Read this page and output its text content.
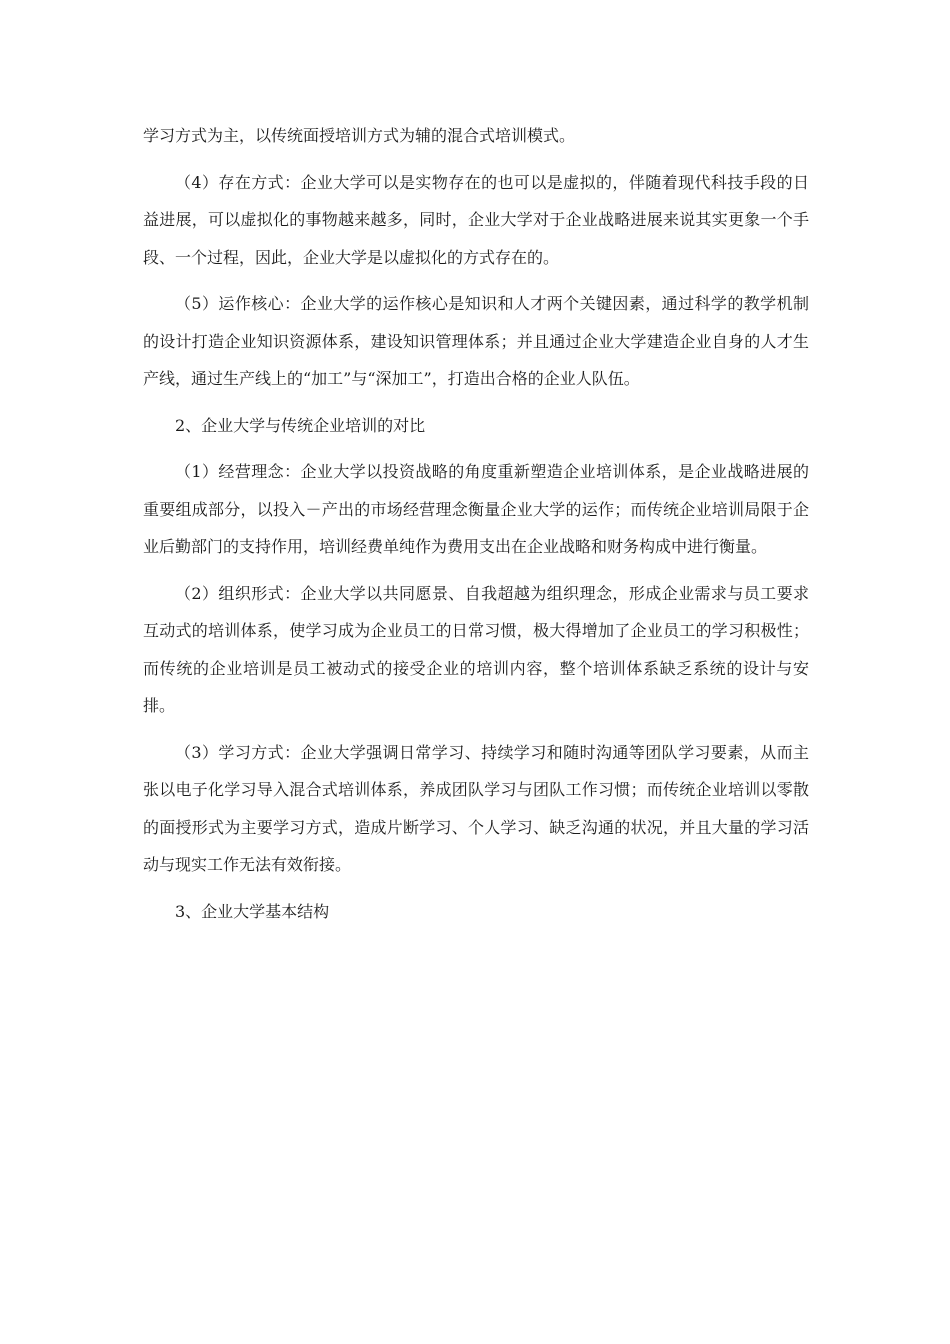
学习方式为主，以传统面授培训方式为辅的混合式培训模式。

（4）存在方式：企业大学可以是实物存在的也可以是虚拟的，伴随着现代科技手段的日益进展，可以虚拟化的事物越来越多，同时，企业大学对于企业战略进展来说其实更象一个手段、一个过程，因此，企业大学是以虚拟化的方式存在的。

（5）运作核心：企业大学的运作核心是知识和人才两个关键因素，通过科学的教学机制的设计打造企业知识资源体系，建设知识管理体系；并且通过企业大学建造企业自身的人才生产线，通过生产线上的“加工”与“深加工”，打造出合格的企业人队伍。

2、企业大学与传统企业培训的对比

（1）经营理念：企业大学以投资战略的角度重新塑造企业培训体系，是企业战略进展的重要组成部分，以投入－产出的市场经营理念衡量企业大学的运作；而传统企业培训局限于企业后勤部门的支持作用，培训经费单纯作为费用支出在企业战略和财务构成中进行衡量。

（2）组织形式：企业大学以共同愿景、自我超越为组织理念，形成企业需求与员工要求互动式的培训体系，使学习成为企业员工的日常习惯，极大得增加了企业员工的学习积极性；而传统的企业培训是员工被动式的接受企业的培训内容，整个培训体系缺乏系统的设计与安排。

（3）学习方式：企业大学强调日常学习、持续学习和随时沟通等团队学习要素，从而主张以电子化学习导入混合式培训体系，养成团队学习与团队工作习惯；而传统企业培训以零散的面授形式为主要学习方式，造成片断学习、个人学习、缺乏沟通的状况，并且大量的学习活动与现实工作无法有效衔接。

3、企业大学基本结构
